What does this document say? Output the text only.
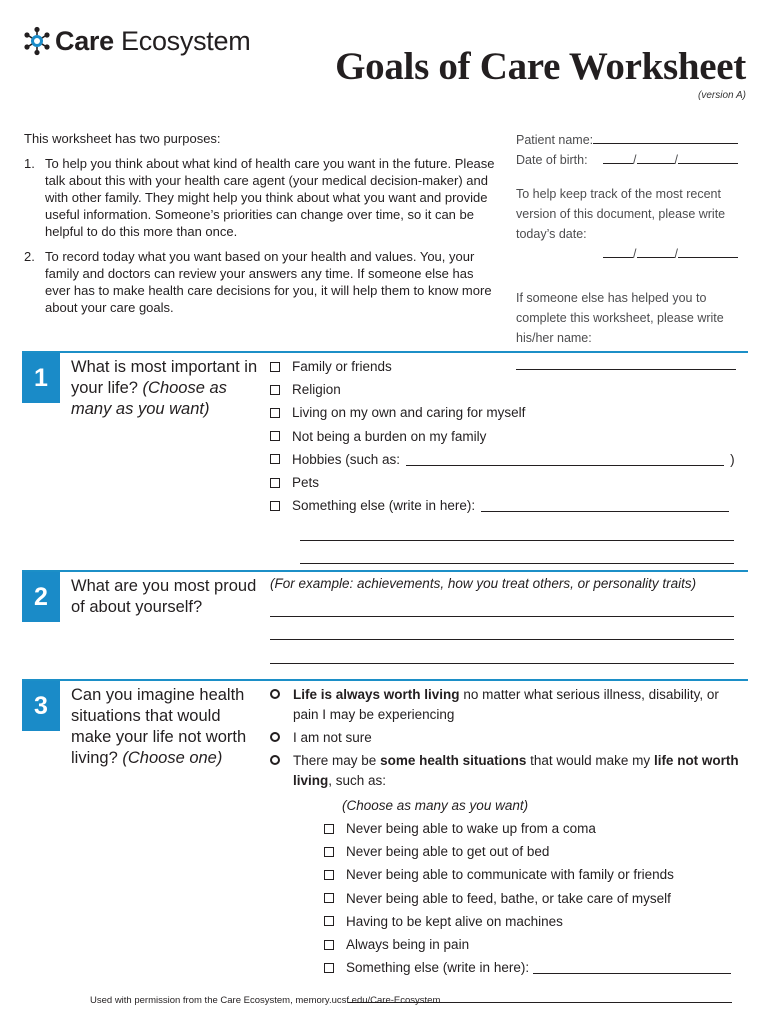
Care Ecosystem
Goals of Care Worksheet
(version A)

This worksheet has two purposes:

1. To help you think about what kind of health care you want in the future. Please talk about this with your health care agent (your medical decision-maker) and with other family. They might help you think about what you want and provide useful information. Someone’s priorities can change over time, so it can be helpful to do this more than once.
2. To record today what you want based on your health and values. You, your family and doctors can review your answers any time. If someone else has ever has to make health care decisions for you, it will help them to know more about your care goals.
Patient name:
Date of birth:	/	/
To help keep track of the most recent version of this document, please write today’s date:
/	/
If someone else has helped you to complete this worksheet, please write his/her name:
1	What is most important in your life? (Choose as many as you want)
Family or friends
Religion
Living on my own and caring for myself
Not being a burden on my family
Hobbies (such as:	)
Pets
Something else (write in here):
2	What are you most proud of about yourself?
(For example: achievements, how you treat others, or personality traits)
3	Can you imagine health situations that would make your life not worth living? (Choose one)
Life is always worth living no matter what serious illness, disability, or pain I may be experiencing
I am not sure
There may be some health situations that would make my life not worth living, such as:
(Choose as many as you want)
Never being able to wake up from a coma
Never being able to get out of bed
Never being able to communicate with family or friends
Never being able to feed, bathe, or take care of myself
Having to be kept alive on machines
Always being in pain
Something else (write in here):
Used with permission from the Care Ecosystem, memory.ucsf.edu/Care-Ecosystem.
